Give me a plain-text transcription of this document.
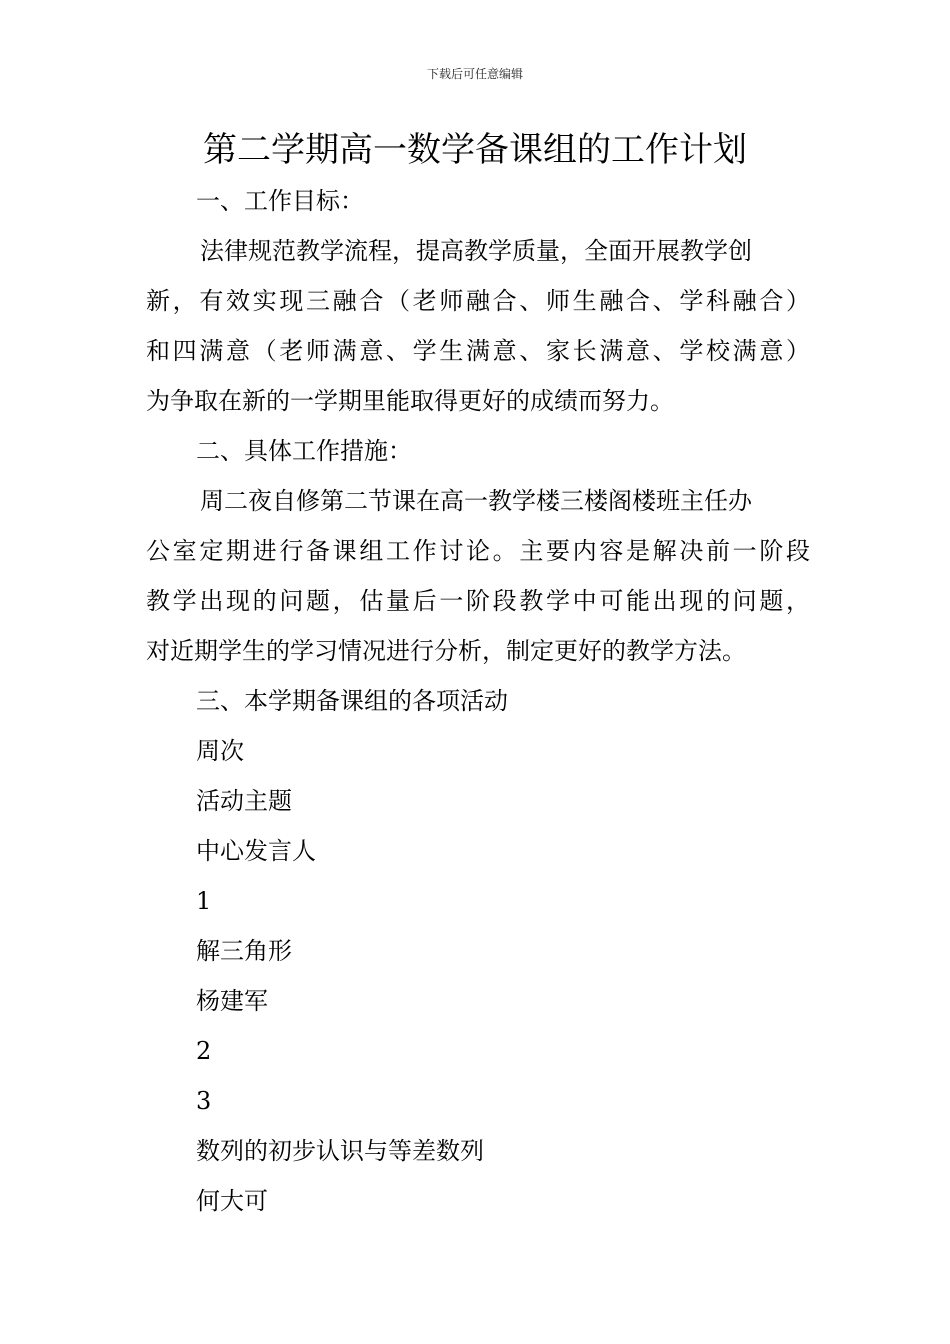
下载后可任意编辑
第二学期高一数学备课组的工作计划
一、工作目标：
法律规范教学流程，提高教学质量，全面开展教学创
新，有效实现三融合（老师融合、师生融合、学科融合）
和四满意（老师满意、学生满意、家长满意、学校满意）
为争取在新的一学期里能取得更好的成绩而努力。
二、具体工作措施：
周二夜自修第二节课在高一教学楼三楼阁楼班主任办
公室定期进行备课组工作讨论。主要内容是解决前一阶段
教学出现的问题，估量后一阶段教学中可能出现的问题，
对近期学生的学习情况进行分析，制定更好的教学方法。
三、本学期备课组的各项活动
周次
活动主题
中心发言人
1
解三角形
杨建军
2
3
数列的初步认识与等差数列
何大可
